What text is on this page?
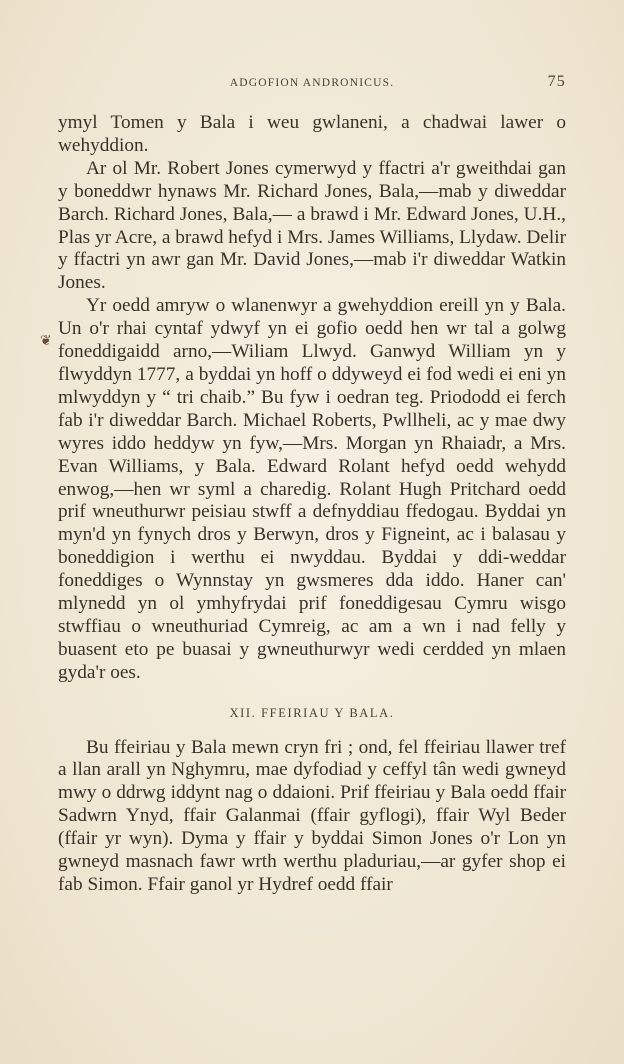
❦
ADGOFION ANDRONICUS.	75

ymyl Tomen y Bala i weu gwlaneni, a chadwai lawer o wehyddion.

Ar ol Mr. Robert Jones cymerwyd y ffactri a'r gweithdai gan y boneddwr hynaws Mr. Richard Jones, Bala,—mab y diweddar Barch. Richard Jones, Bala,— a brawd i Mr. Edward Jones, U.H., Plas yr Acre, a brawd hefyd i Mrs. James Williams, Llydaw. Delir y ffactri yn awr gan Mr. David Jones,—mab i'r diweddar Watkin Jones.

Yr oedd amryw o wlanenwyr a gwehyddion ereill yn y Bala. Un o'r rhai cyntaf ydwyf yn ei gofio oedd hen wr tal a golwg foneddigaidd arno,—Wiliam Llwyd. Ganwyd William yn y flwyddyn 1777, a byddai yn hoff o ddyweyd ei fod wedi ei eni yn mlwyddyn y “ tri chaib.” Bu fyw i oedran teg. Priododd ei ferch fab i'r diweddar Barch. Michael Roberts, Pwllheli, ac y mae dwy wyres iddo heddyw yn fyw,—Mrs. Morgan yn Rhaiadr, a Mrs. Evan Williams, y Bala. Edward Rolant hefyd oedd wehydd enwog,—hen wr syml a charedig. Rolant Hugh Pritchard oedd prif wneuthurwr peisiau stwff a defnyddiau ffedogau. Byddai yn myn'd yn fynych dros y Berwyn, dros y Figneint, ac i balasau y boneddigion i werthu ei nwyddau. Byddai y ddi-weddar foneddiges o Wynnstay yn gwsmeres dda iddo. Haner can' mlynedd yn ol ymhyfrydai prif foneddigesau Cymru wisgo stwffiau o wneuthuriad Cymreig, ac am a wn i nad felly y buasent eto pe buasai y gwneuthurwyr wedi cerdded yn mlaen gyda'r oes.

XII. FFEIRIAU Y BALA.

Bu ffeiriau y Bala mewn cryn fri ; ond, fel ffeiriau llawer tref a llan arall yn Nghymru, mae dyfodiad y ceffyl tân wedi gwneyd mwy o ddrwg iddynt nag o ddaioni. Prif ffeiriau y Bala oedd ffair Sadwrn Ynyd, ffair Galanmai (ffair gyflogi), ffair Wyl Beder (ffair yr wyn). Dyma y ffair y byddai Simon Jones o'r Lon yn gwneyd masnach fawr wrth werthu pladuriau,—ar gyfer shop ei fab Simon. Ffair ganol yr Hydref oedd ffair
